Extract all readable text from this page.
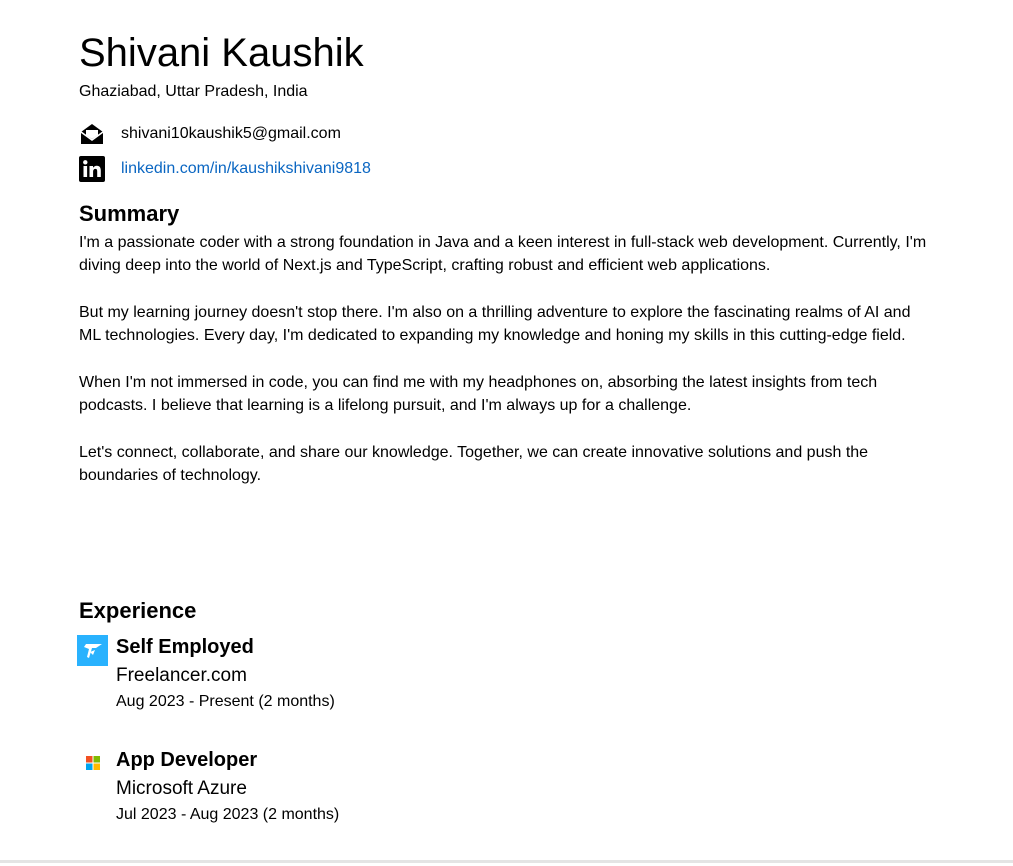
Shivani Kaushik
Ghaziabad, Uttar Pradesh, India
shivani10kaushik5@gmail.com
linkedin.com/in/kaushikshivani9818
Summary

I'm a passionate coder with a strong foundation in Java and a keen interest in full-stack web development. Currently, I'm diving deep into the world of Next.js and TypeScript, crafting robust and efficient web applications.

But my learning journey doesn't stop there. I'm also on a thrilling adventure to explore the fascinating realms of AI and ML technologies. Every day, I'm dedicated to expanding my knowledge and honing my skills in this cutting-edge field.

When I'm not immersed in code, you can find me with my headphones on, absorbing the latest insights from tech podcasts. I believe that learning is a lifelong pursuit, and I'm always up for a challenge.

Let's connect, collaborate, and share our knowledge. Together, we can create innovative solutions and push the boundaries of technology.

Experience
Self Employed
Freelancer.com
Aug 2023 - Present (2 months)
App Developer
Microsoft Azure
Jul 2023 - Aug 2023 (2 months)
